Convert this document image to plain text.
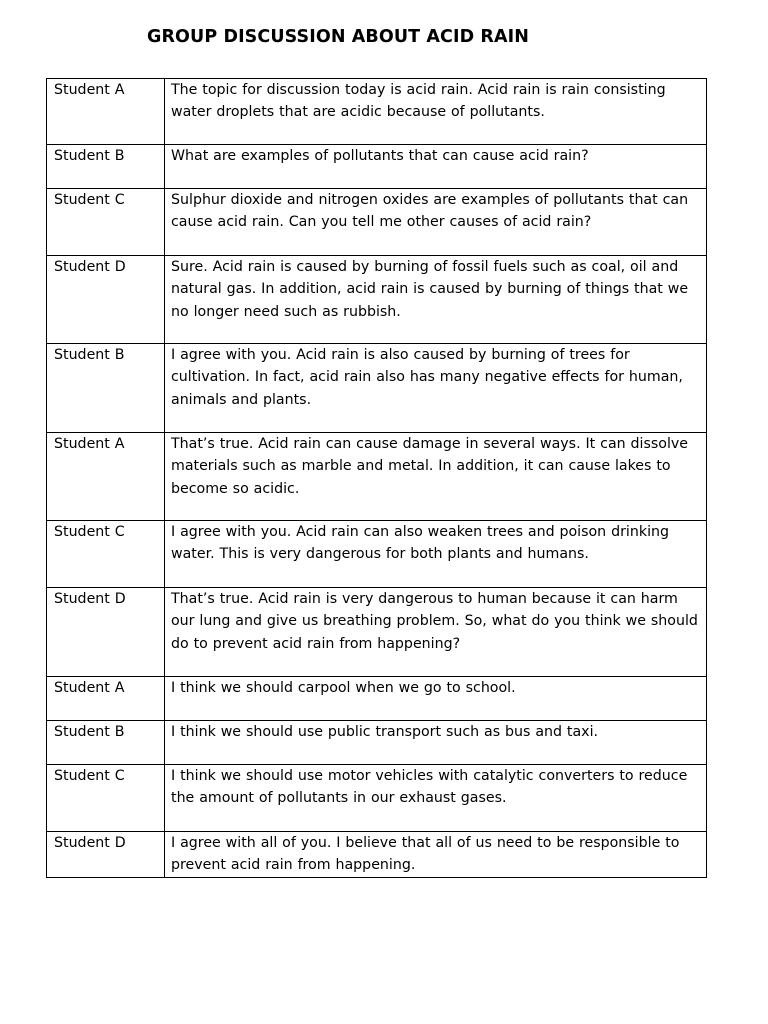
GROUP DISCUSSION ABOUT ACID RAIN
Student A	The topic for discussion today is acid rain. Acid rain is rain consisting water droplets that are acidic because of pollutants.
Student B	What are examples of pollutants that can cause acid rain?
Student C	Sulphur dioxide and nitrogen oxides are examples of pollutants that can cause acid rain. Can you tell me other causes of acid rain?
Student D	Sure. Acid rain is caused by burning of fossil fuels such as coal, oil and natural gas. In addition, acid rain is caused by burning of things that we no longer need such as rubbish.
Student B	I agree with you. Acid rain is also caused by burning of trees for cultivation. In fact, acid rain also has many negative effects for human, animals and plants.
Student A	That’s true. Acid rain can cause damage in several ways. It can dissolve materials such as marble and metal. In addition, it can cause lakes to become so acidic.
Student C	I agree with you. Acid rain can also weaken trees and poison drinking water. This is very dangerous for both plants and humans.
Student D	That’s true. Acid rain is very dangerous to human because it can harm our lung and give us breathing problem. So, what do you think we should do to prevent acid rain from happening?
Student A	I think we should carpool when we go to school.
Student B	I think we should use public transport such as bus and taxi.
Student C	I think we should use motor vehicles with catalytic converters to reduce the amount of pollutants in our exhaust gases.
Student D	I agree with all of you. I believe that all of us need to be responsible to prevent acid rain from happening.
